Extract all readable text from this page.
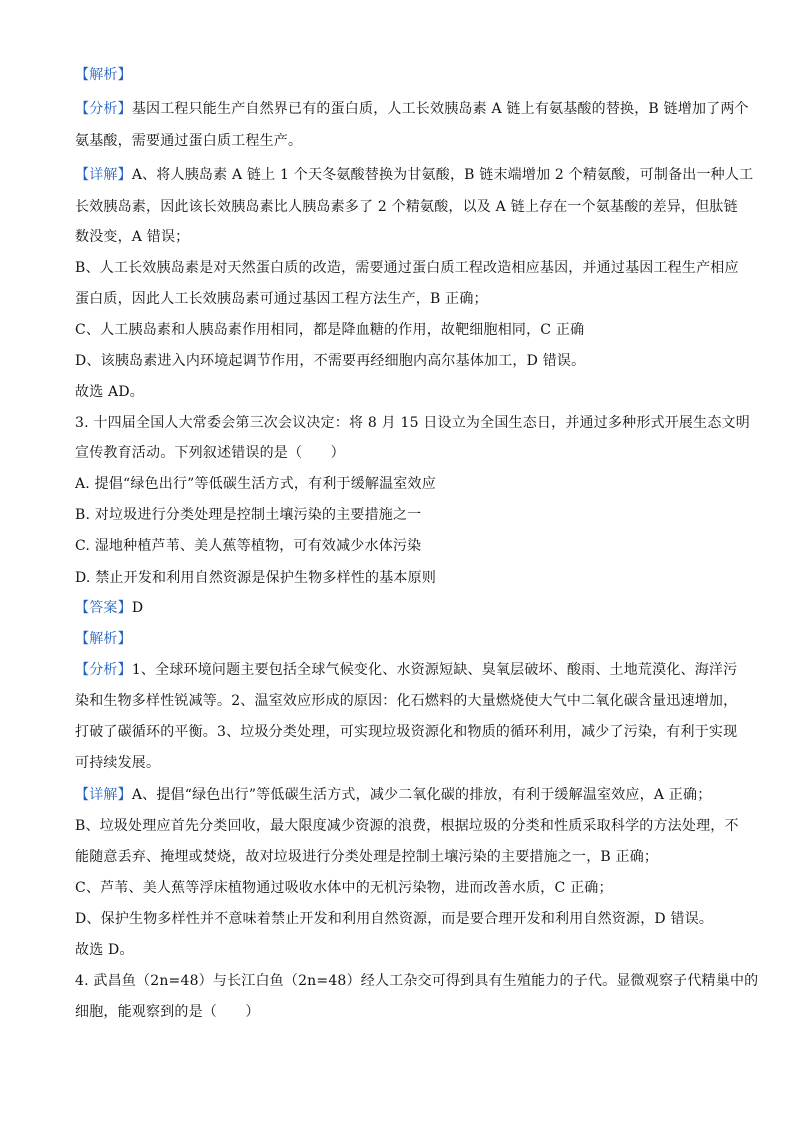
【解析】
【分析】基因工程只能生产自然界已有的蛋白质，人工长效胰岛素 A 链上有氨基酸的替换，B 链增加了两个
氨基酸，需要通过蛋白质工程生产。
【详解】A、将人胰岛素 A 链上 1 个天冬氨酸替换为甘氨酸，B 链末端增加 2 个精氨酸，可制备出一种人工
长效胰岛素，因此该长效胰岛素比人胰岛素多了 2 个精氨酸，以及 A 链上存在一个氨基酸的差异，但肽链
数没变，A 错误；
B、人工长效胰岛素是对天然蛋白质的改造，需要通过蛋白质工程改造相应基因，并通过基因工程生产相应
蛋白质，因此人工长效胰岛素可通过基因工程方法生产，B 正确；
C、人工胰岛素和人胰岛素作用相同，都是降血糖的作用，故靶细胞相同，C 正确
D、该胰岛素进入内环境起调节作用，不需要再经细胞内高尔基体加工，D 错误。
故选 AD。
3. 十四届全国人大常委会第三次会议决定：将 8 月 15 日设立为全国生态日，并通过多种形式开展生态文明
宣传教育活动。下列叙述错误的是（　　）
A. 提倡“绿色出行”等低碳生活方式，有利于缓解温室效应
B. 对垃圾进行分类处理是控制土壤污染的主要措施之一
C. 湿地种植芦苇、美人蕉等植物，可有效减少水体污染
D. 禁止开发和利用自然资源是保护生物多样性的基本原则
【答案】D
【解析】
【分析】1、全球环境问题主要包括全球气候变化、水资源短缺、臭氧层破坏、酸雨、土地荒漠化、海洋污
染和生物多样性锐减等。2、温室效应形成的原因：化石燃料的大量燃烧使大气中二氧化碳含量迅速增加，
打破了碳循环的平衡。3、垃圾分类处理，可实现垃圾资源化和物质的循环利用，减少了污染，有利于实现
可持续发展。
【详解】A、提倡“绿色出行”等低碳生活方式，减少二氧化碳的排放，有利于缓解温室效应，A 正确；
B、垃圾处理应首先分类回收，最大限度减少资源的浪费，根据垃圾的分类和性质采取科学的方法处理，不
能随意丢弃、掩埋或焚烧，故对垃圾进行分类处理是控制土壤污染的主要措施之一，B 正确；
C、芦苇、美人蕉等浮床植物通过吸收水体中的无机污染物，进而改善水质，C 正确；
D、保护生物多样性并不意味着禁止开发和利用自然资源，而是要合理开发和利用自然资源，D 错误。
故选 D。
4. 武昌鱼（2n=48）与长江白鱼（2n=48）经人工杂交可得到具有生殖能力的子代。显微观察子代精巢中的
细胞，能观察到的是（　　）
